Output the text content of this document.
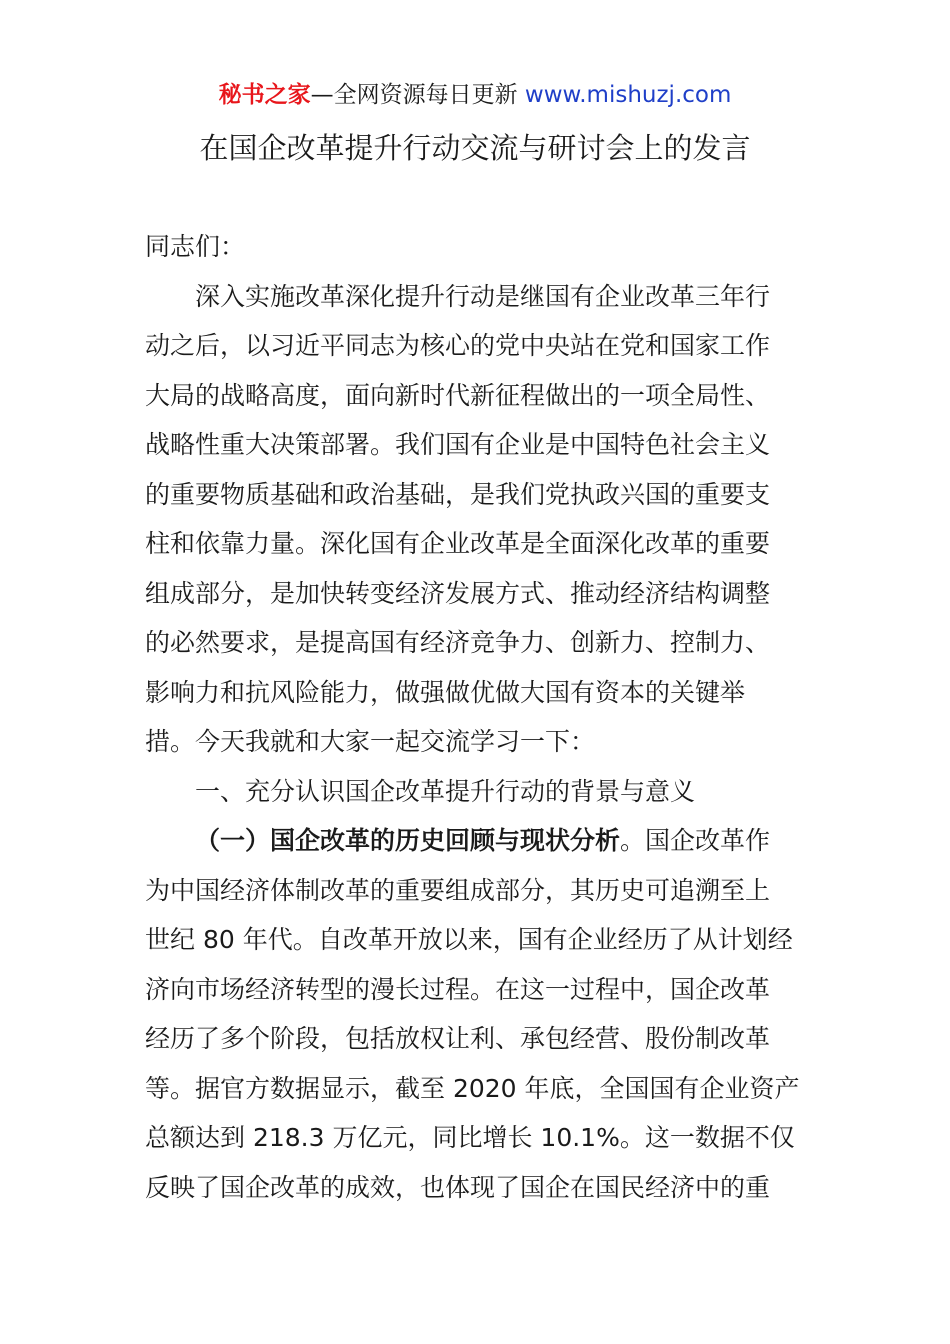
秘书之家—全网资源每日更新 www.mishuzj.com
在国企改革提升行动交流与研讨会上的发言

同志们：

深入实施改革深化提升行动是继国有企业改革三年行
动之后，以习近平同志为核心的党中央站在党和国家工作
大局的战略高度，面向新时代新征程做出的一项全局性、
战略性重大决策部署。我们国有企业是中国特色社会主义
的重要物质基础和政治基础，是我们党执政兴国的重要支
柱和依靠力量。深化国有企业改革是全面深化改革的重要
组成部分，是加快转变经济发展方式、推动经济结构调整
的必然要求，是提高国有经济竞争力、创新力、控制力、
影响力和抗风险能力，做强做优做大国有资本的关键举
措。今天我就和大家一起交流学习一下：

一、充分认识国企改革提升行动的背景与意义

（一）国企改革的历史回顾与现状分析。国企改革作
为中国经济体制改革的重要组成部分，其历史可追溯至上
世纪 80 年代。自改革开放以来，国有企业经历了从计划经
济向市场经济转型的漫长过程。在这一过程中，国企改革
经历了多个阶段，包括放权让利、承包经营、股份制改革
等。据官方数据显示，截至 2020 年底，全国国有企业资产
总额达到 218.3 万亿元，同比增长 10.1%。这一数据不仅
反映了国企改革的成效，也体现了国企在国民经济中的重
